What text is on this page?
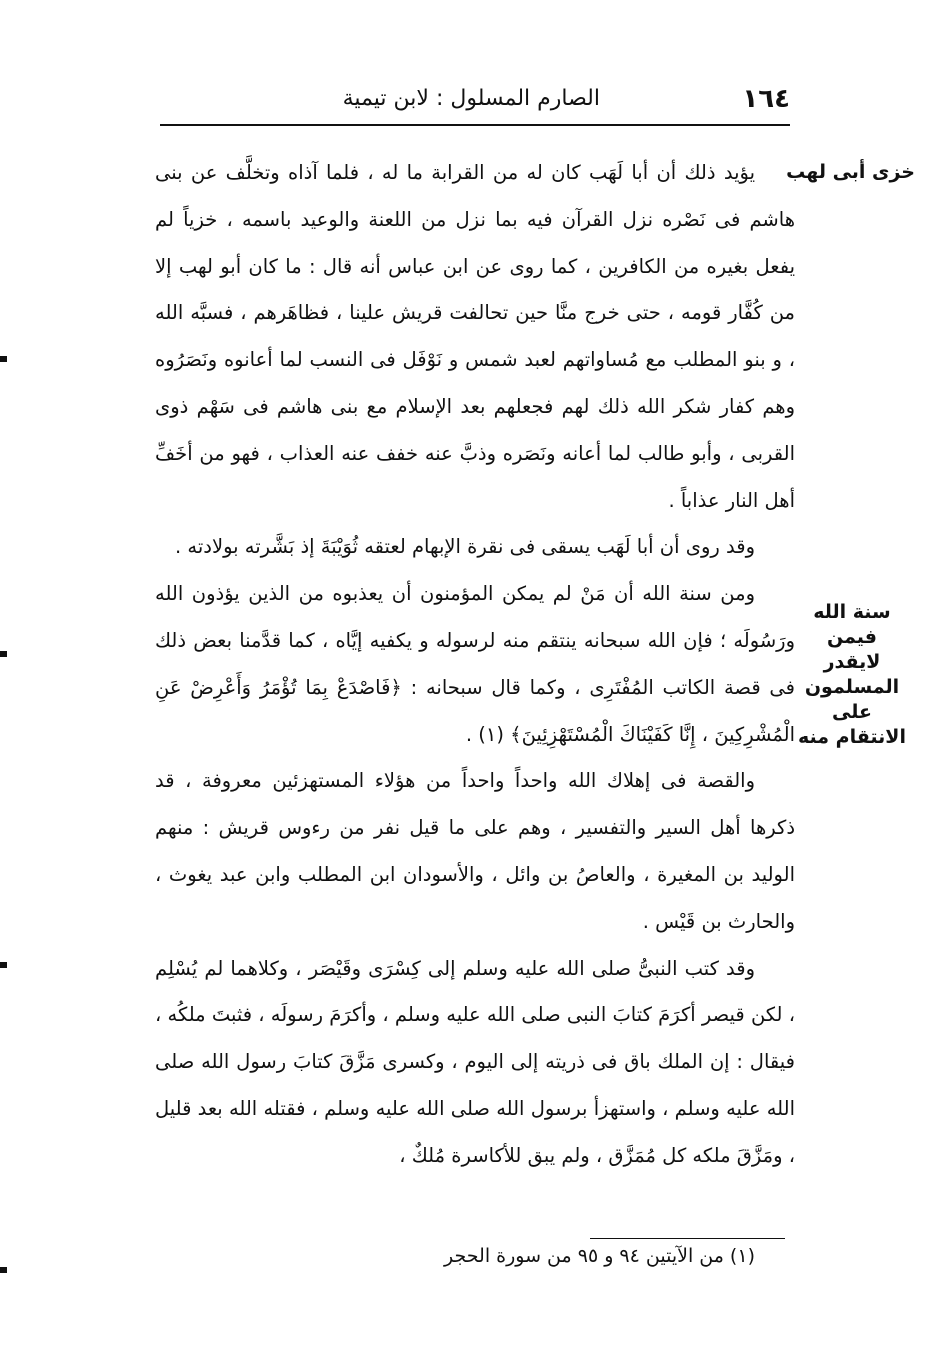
١٦٤
الصارم المسلول : لابن تيمية
خزى أبى لهب
سنة الله فيمن لايقدر المسلمون على الانتقام منه

يؤيد ذلك أن أبا لَهَب كان له من القرابة ما له ، فلما آذاه وتخلَّف عن بنى هاشم فى نَصْره نزل القرآن فيه بما نزل من اللعنة والوعيد باسمه ، خزياً لم يفعل بغيره من الكافرين ، كما روى عن ابن عباس أنه قال : ما كان أبو لهب إلا من كُفَّار قومه ، حتى خرج منَّا حين تحالفت قريش علينا ، فظاهَرهم ، فسبَّه الله ، و بنو المطلب مع مُساواتهم لعبد شمس و نَوْفَل فى النسب لما أعانوه ونَصَرُوه وهم كفار شكر الله ذلك لهم فجعلهم بعد الإسلام مع بنى هاشم فى سَهْم ذوى القربى ، وأبو طالب لما أعانه ونَصَره وذبَّ عنه خفف عنه العذاب ، فهو من أخَفِّ أهل النار عذاباً .

وقد روى أن أبا لَهَب يسقى فى نقرة الإبهام لعتقه ثُوَيْبَةَ إذ بَشَّرته بولادته .

ومن سنة الله أن مَنْ لم يمكن المؤمنون أن يعذبوه من الذين يؤذون الله ورَسُولَه ؛ فإن الله سبحانه ينتقم منه لرسوله و يكفيه إيَّاه ، كما قدَّمنا بعض ذلك فى قصة الكاتب المُفْتَرِى ، وكما قال سبحانه : ﴿فَاصْدَعْ بِمَا تُؤْمَرُ وَأَعْرِضْ عَنِ الْمُشْرِكِينَ ، إِنَّا كَفَيْنَاكَ الْمُسْتَهْزِئِينَ﴾ (١) .

والقصة فى إهلاك الله واحداً واحداً من هؤلاء المستهزئين معروفة ، قد ذكرها أهل السير والتفسير ، وهم على ما قيل نفر من رءوس قريش : منهم الوليد بن المغيرة ، والعاصُ بن وائل ، والأسودان ابن المطلب وابن عبد يغوث ، والحارث بن قَيْس .

وقد كتب النبىُّ صلى الله عليه وسلم إلى كِسْرَى وقَيْصَر ، وكلاهما لم يُسْلِم ، لكن قيصر أكرَمَ كتابَ النبى صلى الله عليه وسلم ، وأكرَمَ رسولَه ، فثبتَ ملكُه ، فيقال : إن الملك باق فى ذريته إلى اليوم ، وكسرى مَزَّقَ كتابَ رسول الله صلى الله عليه وسلم ، واستهزأ برسول الله صلى الله عليه وسلم ، فقتله الله بعد قليل ، ومَزَّقَ ملكه كل مُمَزَّق ، ولم يبق للأكاسرة مُلكٌ ،

(١) من الآيتين ٩٤ و ٩٥ من سورة الحجر
